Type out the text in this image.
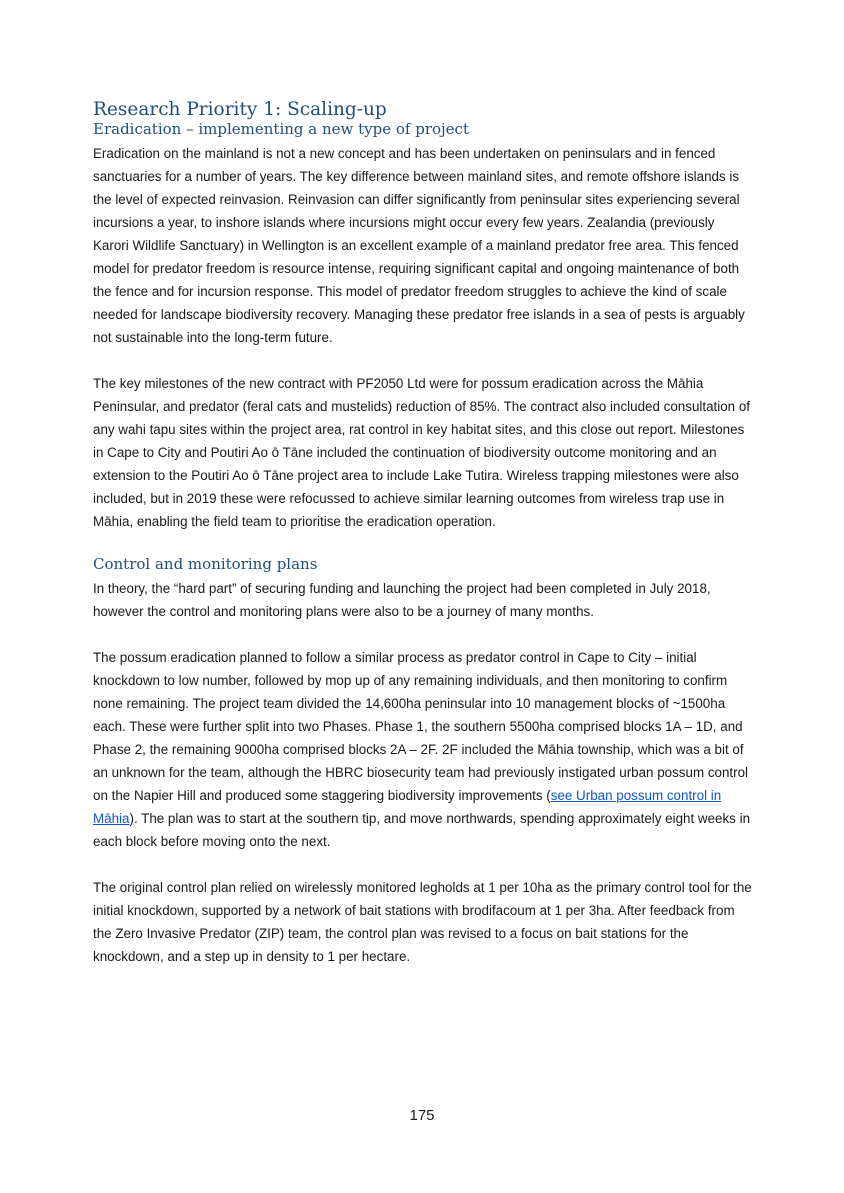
Research Priority 1: Scaling-up
Eradication – implementing a new type of project

Eradication on the mainland is not a new concept and has been undertaken on peninsulars and in fenced sanctuaries for a number of years. The key difference between mainland sites, and remote offshore islands is the level of expected reinvasion. Reinvasion can differ significantly from peninsular sites experiencing several incursions a year, to inshore islands where incursions might occur every few years. Zealandia (previously Karori Wildlife Sanctuary) in Wellington is an excellent example of a mainland predator free area. This fenced model for predator freedom is resource intense, requiring significant capital and ongoing maintenance of both the fence and for incursion response. This model of predator freedom struggles to achieve the kind of scale needed for landscape biodiversity recovery. Managing these predator free islands in a sea of pests is arguably not sustainable into the long-term future.

The key milestones of the new contract with PF2050 Ltd were for possum eradication across the Māhia Peninsular, and predator (feral cats and mustelids) reduction of 85%. The contract also included consultation of any wahi tapu sites within the project area, rat control in key habitat sites, and this close out report. Milestones in Cape to City and Poutiri Ao ō Tāne included the continuation of biodiversity outcome monitoring and an extension to the Poutiri Ao ō Tāne project area to include Lake Tutira. Wireless trapping milestones were also included, but in 2019 these were refocussed to achieve similar learning outcomes from wireless trap use in Māhia, enabling the field team to prioritise the eradication operation.

Control and monitoring plans

In theory, the “hard part” of securing funding and launching the project had been completed in July 2018, however the control and monitoring plans were also to be a journey of many months.

The possum eradication planned to follow a similar process as predator control in Cape to City – initial knockdown to low number, followed by mop up of any remaining individuals, and then monitoring to confirm none remaining. The project team divided the 14,600ha peninsular into 10 management blocks of ~1500ha each. These were further split into two Phases. Phase 1, the southern 5500ha comprised blocks 1A – 1D, and Phase 2, the remaining 9000ha comprised blocks 2A – 2F. 2F included the Māhia township, which was a bit of an unknown for the team, although the HBRC biosecurity team had previously instigated urban possum control on the Napier Hill and produced some staggering biodiversity improvements (see Urban possum control in Māhia). The plan was to start at the southern tip, and move northwards, spending approximately eight weeks in each block before moving onto the next.

The original control plan relied on wirelessly monitored legholds at 1 per 10ha as the primary control tool for the initial knockdown, supported by a network of bait stations with brodifacoum at 1 per 3ha. After feedback from the Zero Invasive Predator (ZIP) team, the control plan was revised to a focus on bait stations for the knockdown, and a step up in density to 1 per hectare.

175
